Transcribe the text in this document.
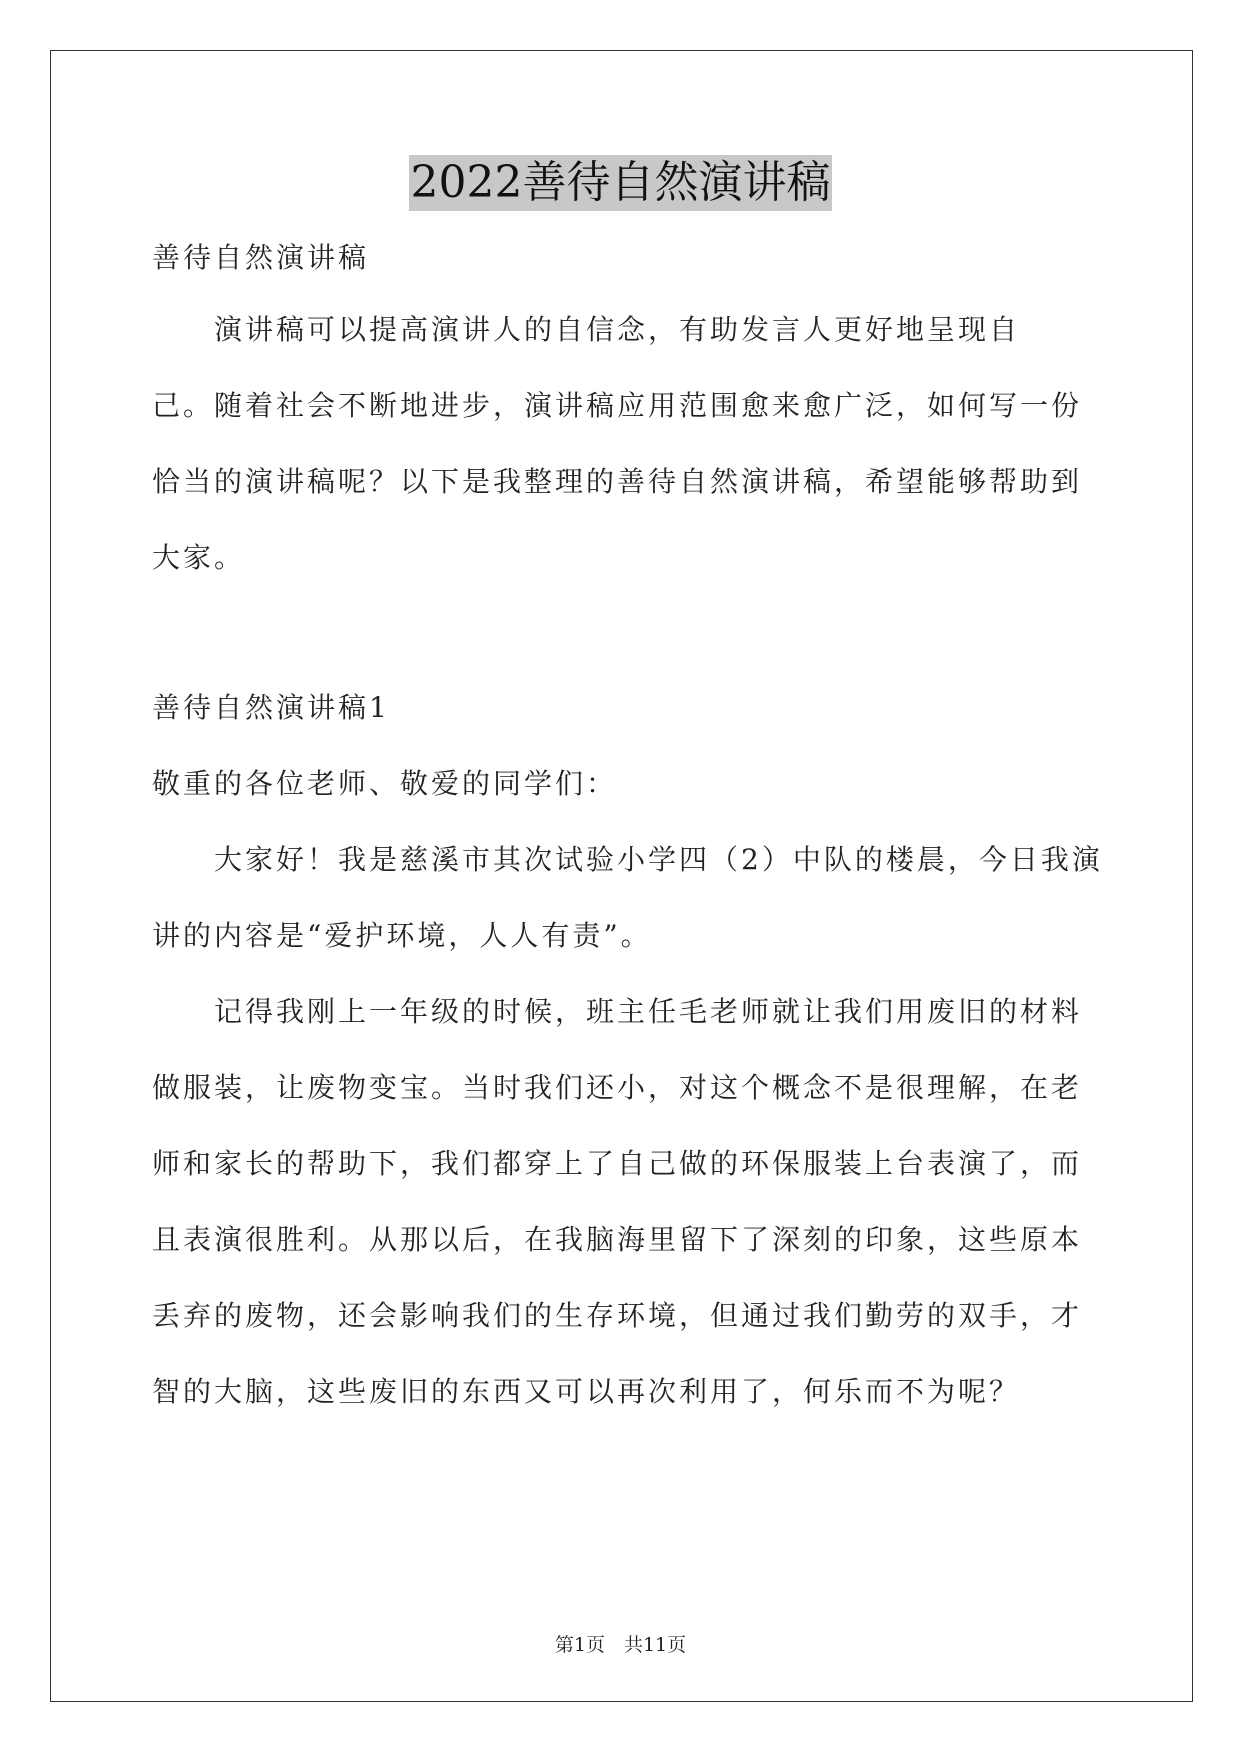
2022善待自然演讲稿
善待自然演讲稿
　　演讲稿可以提高演讲人的自信念，有助发言人更好地呈现自
己。随着社会不断地进步，演讲稿应用范围愈来愈广泛，如何写一份
恰当的演讲稿呢？以下是我整理的善待自然演讲稿，希望能够帮助到
大家。
善待自然演讲稿1
敬重的各位老师、敬爱的同学们：
　　大家好！我是慈溪市其次试验小学四（2）中队的楼晨，今日我演
讲的内容是“爱护环境，人人有责”。
　　记得我刚上一年级的时候，班主任毛老师就让我们用废旧的材料
做服装，让废物变宝。当时我们还小，对这个概念不是很理解，在老
师和家长的帮助下，我们都穿上了自己做的环保服装上台表演了，而
且表演很胜利。从那以后，在我脑海里留下了深刻的印象，这些原本
丢弃的废物，还会影响我们的生存环境，但通过我们勤劳的双手，才
智的大脑，这些废旧的东西又可以再次利用了，何乐而不为呢？
第1页　共11页
